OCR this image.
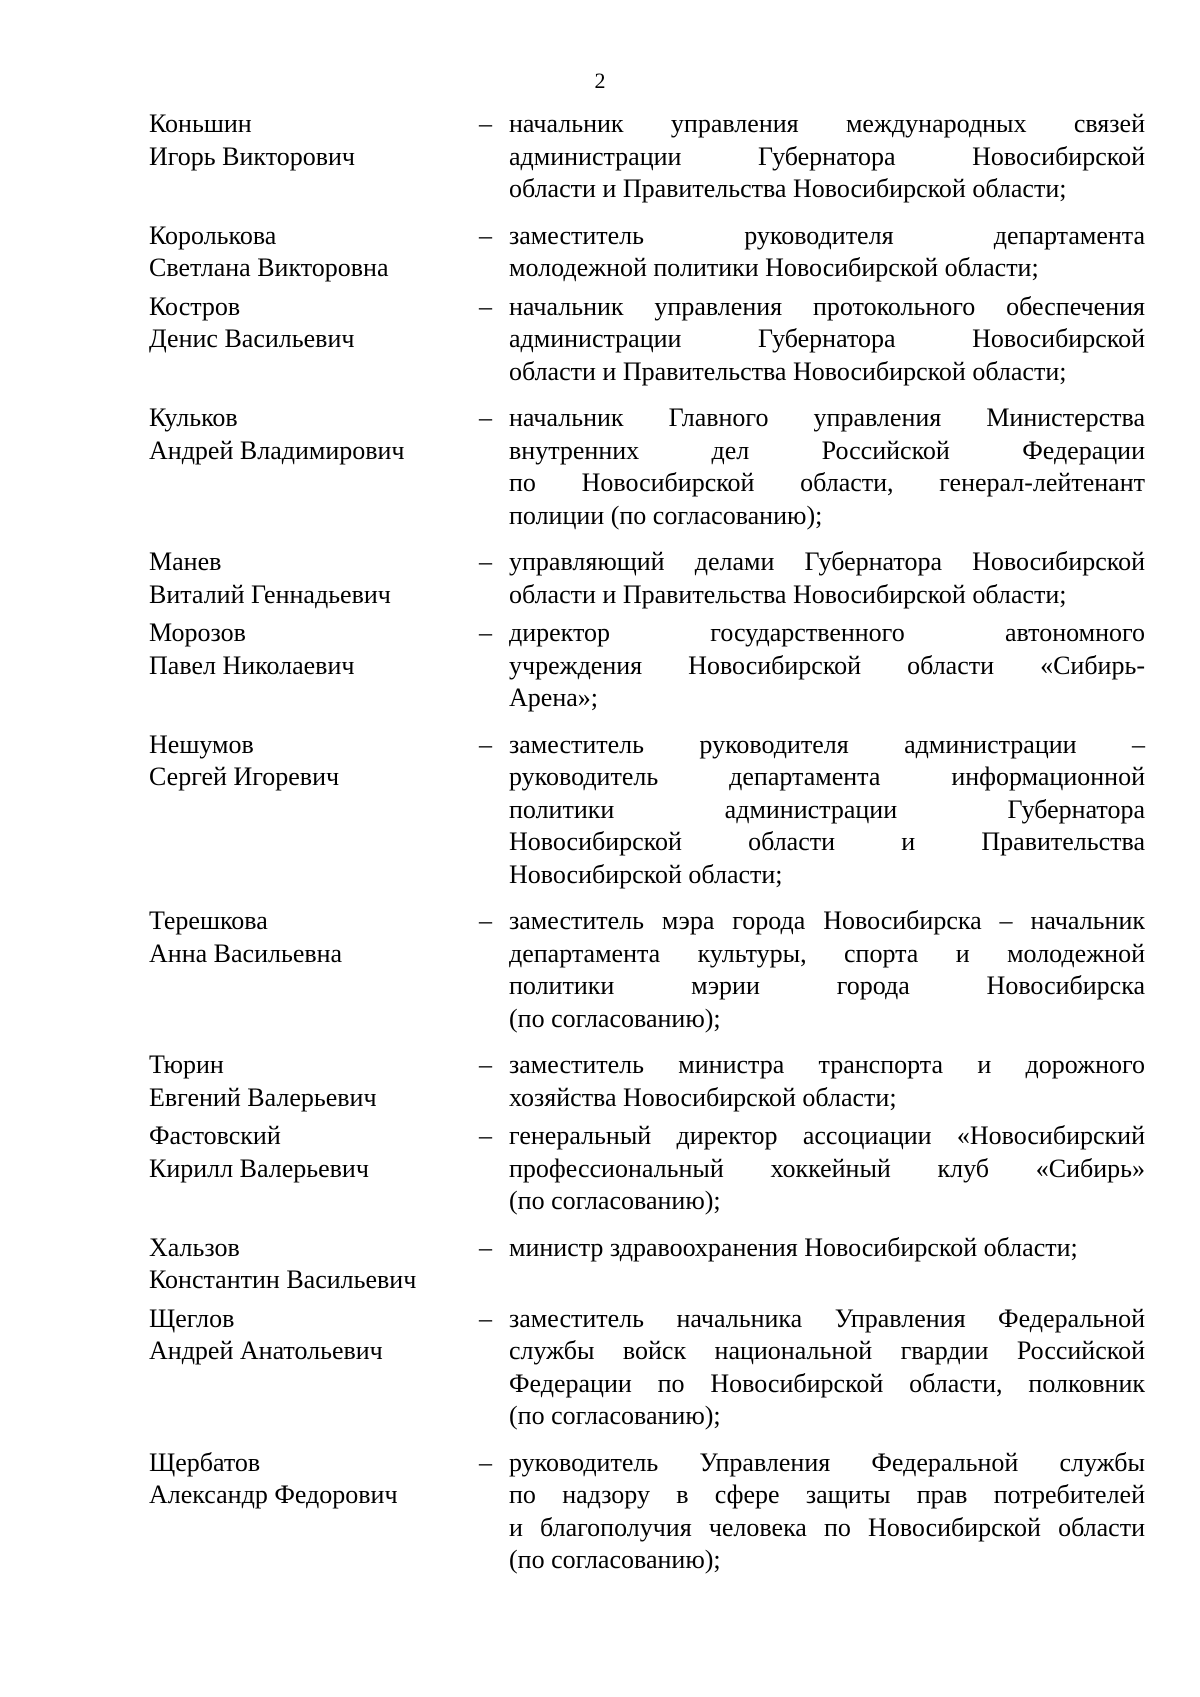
2
Коньшин
Игорь Викторович
– начальник управления международных связей
администрации Губернатора Новосибирской
области и Правительства Новосибирской области;
Королькова
Светлана Викторовна
– заместитель руководителя департамента
молодежной политики Новосибирской области;
Костров
Денис Васильевич
– начальник управления протокольного обеспечения
администрации Губернатора Новосибирской
области и Правительства Новосибирской области;
Кульков
Андрей Владимирович
– начальник Главного управления Министерства
внутренних дел Российской Федерации
по Новосибирской области, генерал-лейтенант
полиции (по согласованию);
Манев
Виталий Геннадьевич
– управляющий делами Губернатора Новосибирской
области и Правительства Новосибирской области;
Морозов
Павел Николаевич
– директор государственного автономного
учреждения Новосибирской области «Сибирь-
Арена»;
Нешумов
Сергей Игоревич
– заместитель руководителя администрации –
руководитель департамента информационной
политики администрации Губернатора
Новосибирской области и Правительства
Новосибирской области;
Терешкова
Анна Васильевна
– заместитель мэра города Новосибирска – начальник
департамента культуры, спорта и молодежной
политики мэрии города Новосибирска
(по согласованию);
Тюрин
Евгений Валерьевич
– заместитель министра транспорта и дорожного
хозяйства Новосибирской области;
Фастовский
Кирилл Валерьевич
– генеральный директор ассоциации «Новосибирский
профессиональный хоккейный клуб «Сибирь»
(по согласованию);
Хальзов
Константин Васильевич
– министр здравоохранения Новосибирской области;
Щеглов
Андрей Анатольевич
– заместитель начальника Управления Федеральной
службы войск национальной гвардии Российской
Федерации по Новосибирской области, полковник
(по согласованию);
Щербатов
Александр Федорович
– руководитель Управления Федеральной службы
по надзору в сфере защиты прав потребителей
и благополучия человека по Новосибирской области
(по согласованию);
